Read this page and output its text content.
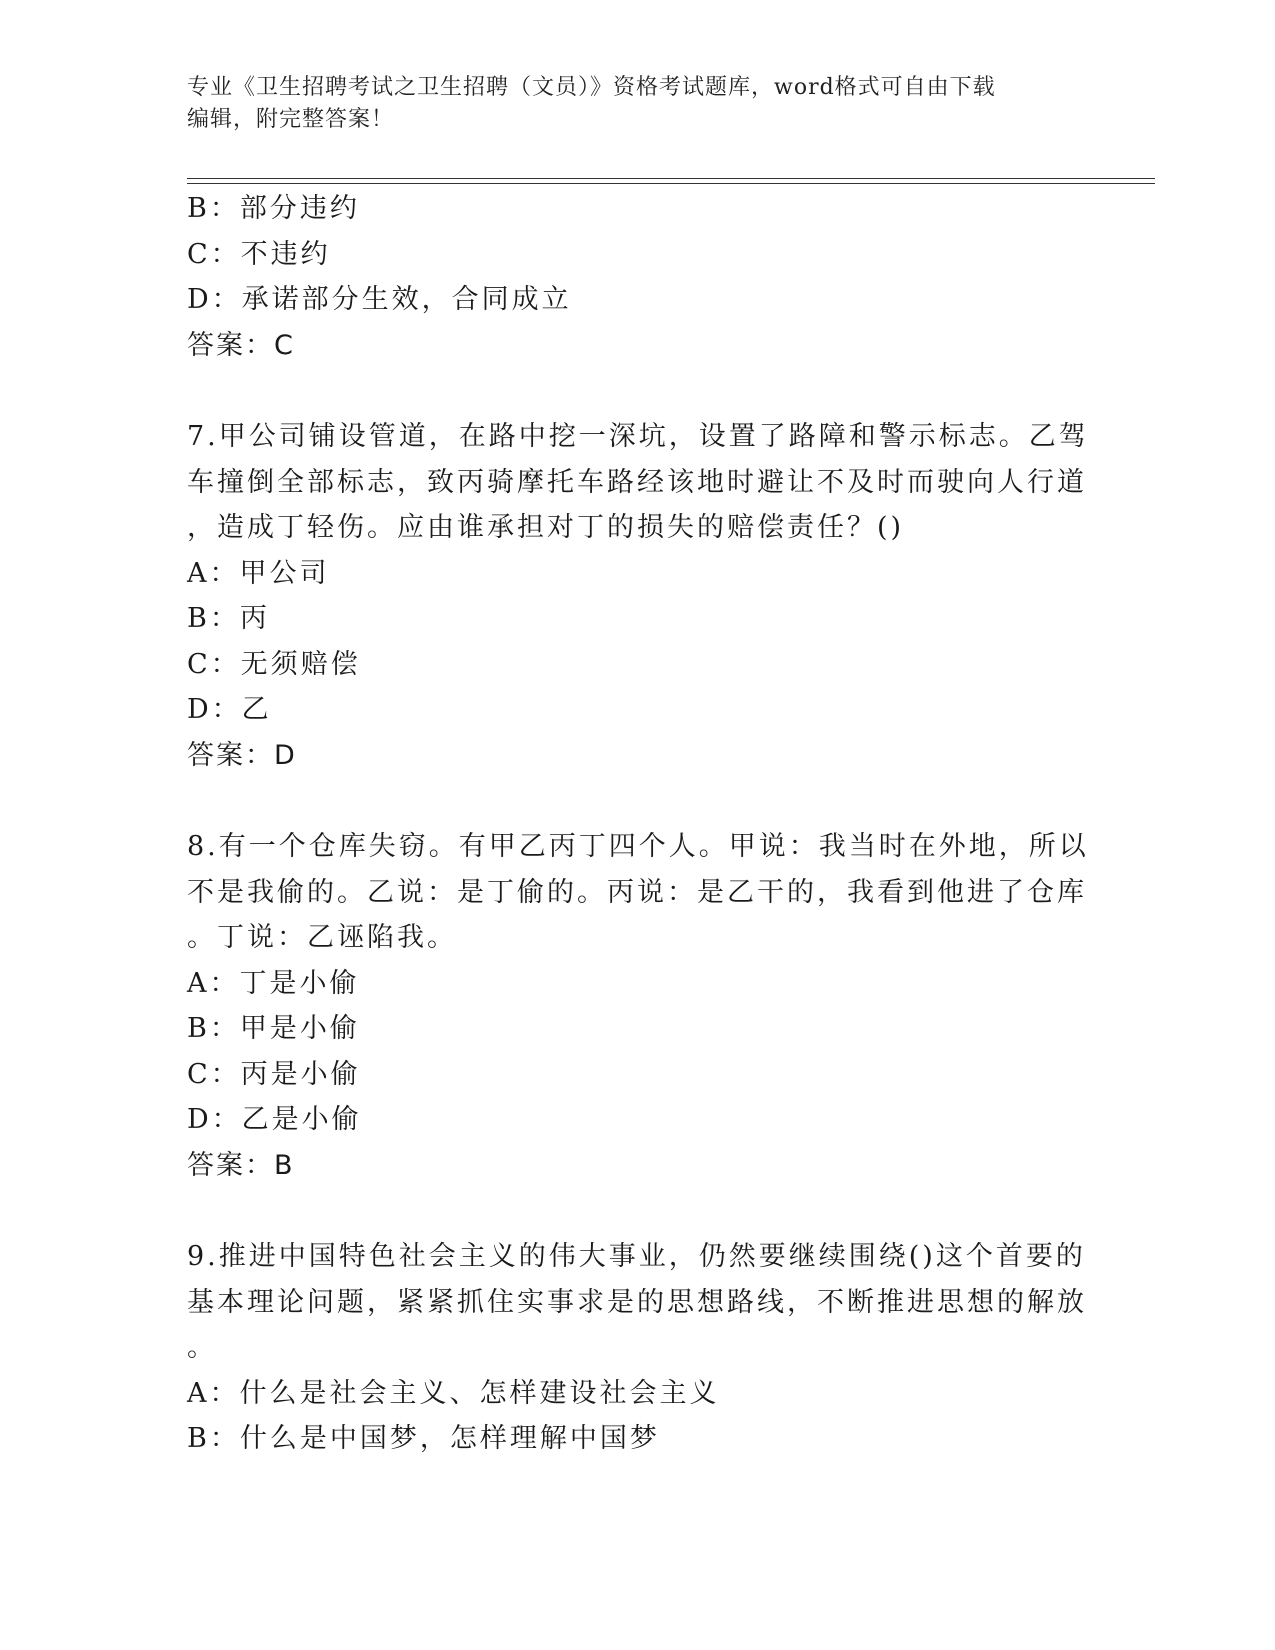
专业《卫生招聘考试之卫生招聘（文员）》资格考试题库，word格式可自由下载
编辑，附完整答案！
B：部分违约
C：不违约
D：承诺部分生效，合同成立
答案：C
7.甲公司铺设管道，在路中挖一深坑，设置了路障和警示标志。乙驾
车撞倒全部标志，致丙骑摩托车路经该地时避让不及时而驶向人行道
，造成丁轻伤。应由谁承担对丁的损失的赔偿责任？()
A：甲公司
B：丙
C：无须赔偿
D：乙
答案：D
8.有一个仓库失窃。有甲乙丙丁四个人。甲说：我当时在外地，所以
不是我偷的。乙说：是丁偷的。丙说：是乙干的，我看到他进了仓库
。丁说：乙诬陷我。
A：丁是小偷
B：甲是小偷
C：丙是小偷
D：乙是小偷
答案：B
9.推进中国特色社会主义的伟大事业，仍然要继续围绕()这个首要的
基本理论问题，紧紧抓住实事求是的思想路线，不断推进思想的解放
。
A：什么是社会主义、怎样建设社会主义
B：什么是中国梦，怎样理解中国梦
